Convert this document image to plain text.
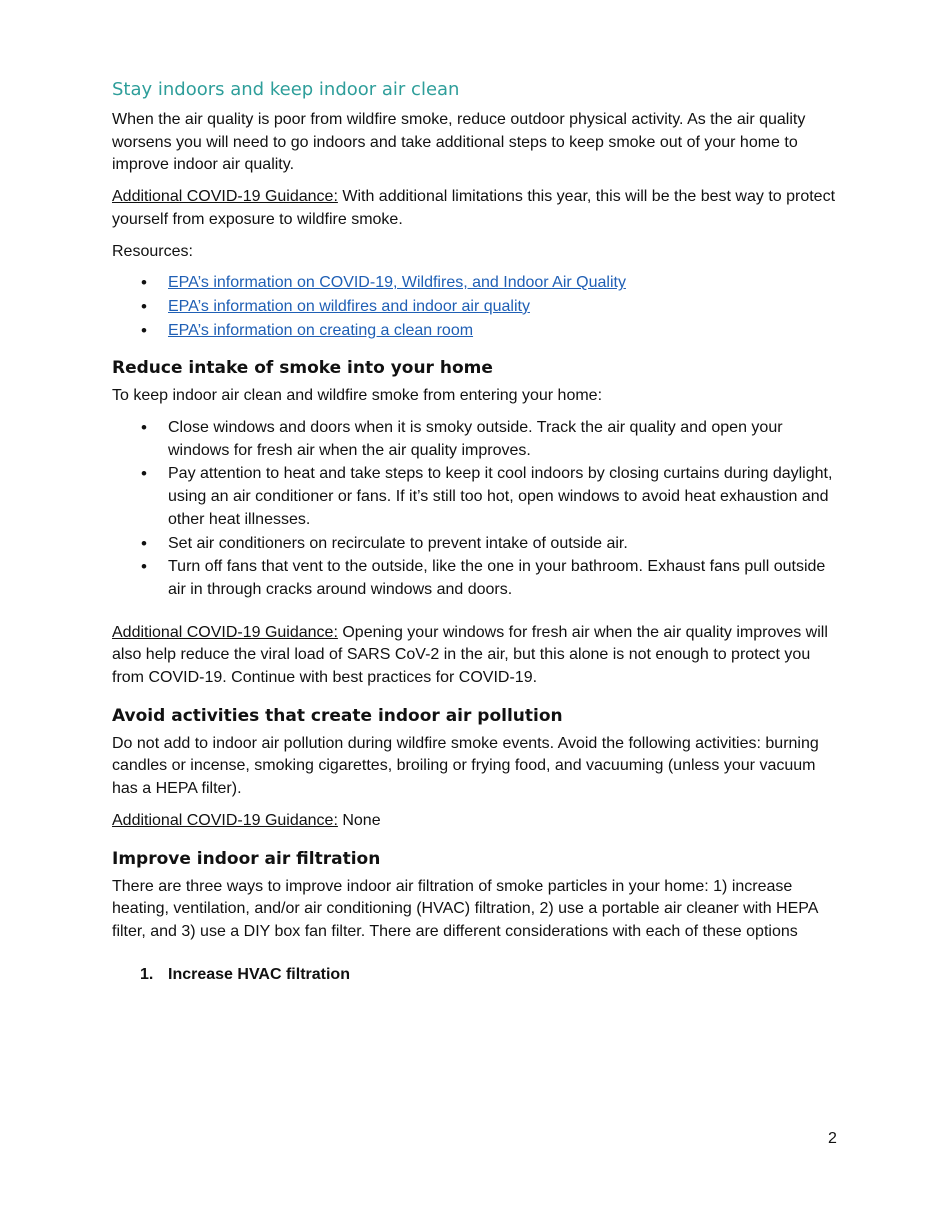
Stay indoors and keep indoor air clean

When the air quality is poor from wildfire smoke, reduce outdoor physical activity. As the air quality worsens you will need to go indoors and take additional steps to keep smoke out of your home to improve indoor air quality.

Additional COVID-19 Guidance: With additional limitations this year, this will be the best way to protect yourself from exposure to wildfire smoke.

Resources:

• EPA’s information on COVID-19, Wildfires, and Indoor Air Quality
• EPA’s information on wildfires and indoor air quality
• EPA’s information on creating a clean room
Reduce intake of smoke into your home

To keep indoor air clean and wildfire smoke from entering your home:

• Close windows and doors when it is smoky outside. Track the air quality and open your windows for fresh air when the air quality improves.
• Pay attention to heat and take steps to keep it cool indoors by closing curtains during daylight, using an air conditioner or fans. If it’s still too hot, open windows to avoid heat exhaustion and other heat illnesses.
• Set air conditioners on recirculate to prevent intake of outside air.
• Turn off fans that vent to the outside, like the one in your bathroom. Exhaust fans pull outside air in through cracks around windows and doors.

Additional COVID-19 Guidance: Opening your windows for fresh air when the air quality improves will also help reduce the viral load of SARS CoV-2 in the air, but this alone is not enough to protect you from COVID-19. Continue with best practices for COVID-19.

Avoid activities that create indoor air pollution

Do not add to indoor air pollution during wildfire smoke events. Avoid the following activities: burning candles or incense, smoking cigarettes, broiling or frying food, and vacuuming (unless your vacuum has a HEPA filter).

Additional COVID-19 Guidance: None

Improve indoor air filtration

There are three ways to improve indoor air filtration of smoke particles in your home: 1) increase heating, ventilation, and/or air conditioning (HVAC) filtration, 2) use a portable air cleaner with HEPA filter, and 3) use a DIY box fan filter. There are different considerations with each of these options

1. Increase HVAC filtration
2
